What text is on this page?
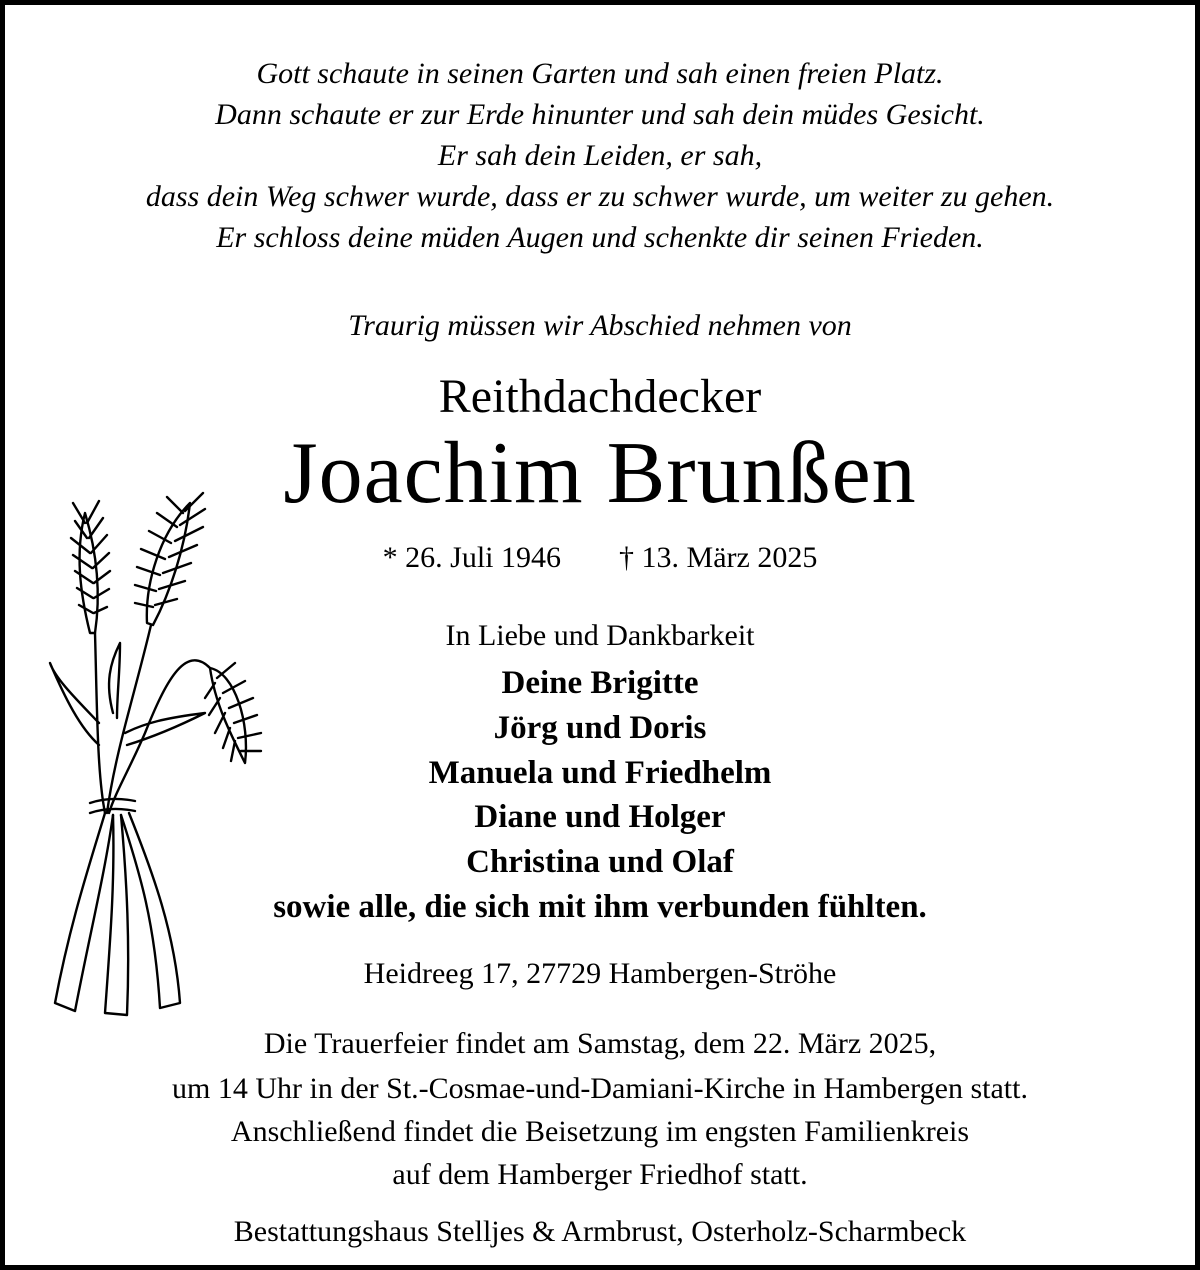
Gott schaute in seinen Garten und sah einen freien Platz.
Dann schaute er zur Erde hinunter und sah dein müdes Gesicht.
Er sah dein Leiden, er sah,
dass dein Weg schwer wurde, dass er zu schwer wurde, um weiter zu gehen.
Er schloss deine müden Augen und schenkte dir seinen Frieden.
Traurig müssen wir Abschied nehmen von
Reithdachdecker
Joachim Brunßen
* 26. Juli 1946 † 13. März 2025
In Liebe und Dankbarkeit
Deine Brigitte
Jörg und Doris
Manuela und Friedhelm
Diane und Holger
Christina und Olaf
sowie alle, die sich mit ihm verbunden fühlten.
Heidreeg 17, 27729 Hambergen-Ströhe
Die Trauerfeier findet am Samstag, dem 22. März 2025,
um 14 Uhr in der St.-Cosmae-und-Damiani-Kirche in Hambergen statt.
Anschließend findet die Beisetzung im engsten Familienkreis
auf dem Hamberger Friedhof statt.
Bestattungshaus Stelljes & Armbrust, Osterholz-Scharmbeck
